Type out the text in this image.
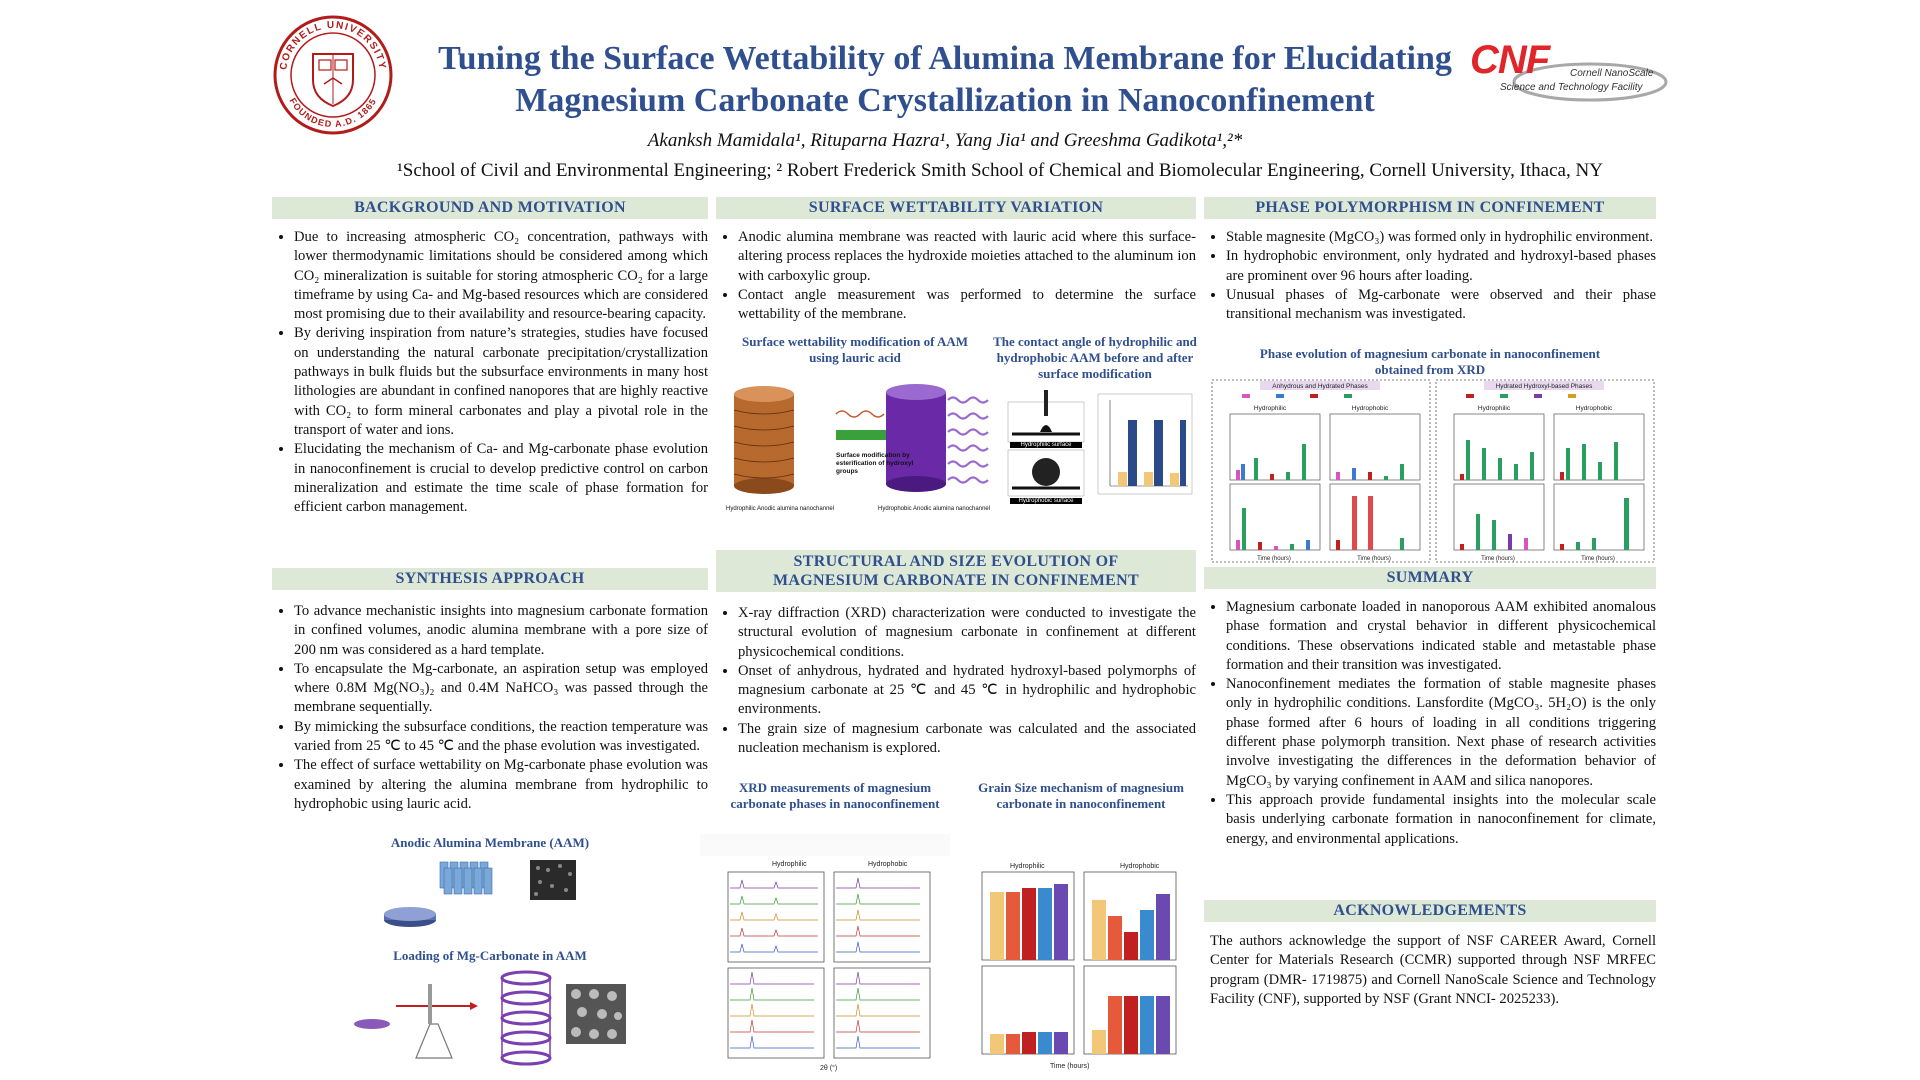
CORNELL UNIVERSITY
FOUNDED A.D. 1865
Tuning the Surface Wettability of Alumina Membrane for Elucidating
Magnesium Carbonate Crystallization in Nanoconfinement
CNF Cornell NanoScale
Science and Technology Facility
Akanksh Mamidala¹, Rituparna Hazra¹, Yang Jia¹ and Greeshma Gadikota¹,²*
¹School of Civil and Environmental Engineering; ² Robert Frederick Smith School of Chemical and Biomolecular Engineering, Cornell University, Ithaca, NY
BACKGROUND AND MOTIVATION
• Due to increasing atmospheric CO₂ concentration, pathways with lower thermodynamic limitations should be considered among which CO₂ mineralization is suitable for storing atmospheric CO₂ for a large timeframe by using Ca- and Mg-based resources which are considered most promising due to their availability and resource-bearing capacity.
• By deriving inspiration from nature’s strategies, studies have focused on understanding the natural carbonate precipitation/crystallization pathways in bulk fluids but the subsurface environments in many host lithologies are abundant in confined nanopores that are highly reactive with CO₂ to form mineral carbonates and play a pivotal role in the transport of water and ions.
• Elucidating the mechanism of Ca- and Mg-carbonate phase evolution in nanoconfinement is crucial to develop predictive control on carbon mineralization and estimate the time scale of phase formation for efficient carbon management.
SYNTHESIS APPROACH
• To advance mechanistic insights into magnesium carbonate formation in confined volumes, anodic alumina membrane with a pore size of 200 nm was considered as a hard template.
• To encapsulate the Mg-carbonate, an aspiration setup was employed where 0.8M Mg(NO₃)₂ and 0.4M NaHCO₃ was passed through the membrane sequentially.
• By mimicking the subsurface conditions, the reaction temperature was varied from 25 ℃ to 45 ℃ and the phase evolution was investigated.
• The effect of surface wettability on Mg-carbonate phase evolution was examined by altering the alumina membrane from hydrophilic to hydrophobic using lauric acid.
Anodic Alumina Membrane (AAM)
Loading of Mg-Carbonate in AAM
SURFACE WETTABILITY VARIATION
• Anodic alumina membrane was reacted with lauric acid where this surface-altering process replaces the hydroxide moieties attached to the aluminum ion with carboxylic group.
• Contact angle measurement was performed to determine the surface wettability of the membrane.
Surface wettability modification of AAM using lauric acid
The contact angle of hydrophilic and hydrophobic AAM before and after surface modification
Surface modification by esterification of hydroxyl groups
Hydrophilic Anodic alumina nanochannel	Hydrophobic Anodic alumina nanochannel
Hydrophilic surface
Hydrophobic surface
STRUCTURAL AND SIZE EVOLUTION OF
MAGNESIUM CARBONATE IN CONFINEMENT
• X-ray diffraction (XRD) characterization were conducted to investigate the structural evolution of magnesium carbonate in confinement at different physicochemical conditions.
• Onset of anhydrous, hydrated and hydrated hydroxyl-based polymorphs of magnesium carbonate at 25 ℃ and 45 ℃ in hydrophilic and hydrophobic environments.
• The grain size of magnesium carbonate was calculated and the associated nucleation mechanism is explored.
XRD measurements of magnesium carbonate phases in nanoconfinement
Grain Size mechanism of magnesium carbonate in nanoconfinement
Hydrophilic	Hydrophobic
2θ (°)
Hydrophilic	Hydrophobic
Time (hours)
PHASE POLYMORPHISM IN CONFINEMENT
• Stable magnesite (MgCO₃) was formed only in hydrophilic environment.
• In hydrophobic environment, only hydrated and hydroxyl-based phases are prominent over 96 hours after loading.
• Unusual phases of Mg-carbonate were observed and their phase transitional mechanism was investigated.
Phase evolution of magnesium carbonate in nanoconfinement obtained from XRD
Anhydrous and Hydrated Phases	Hydrated Hydroxyl-based Phases
Hydrophilic	Hydrophobic	Hydrophilic	Hydrophobic
Time (hours)	Time (hours)	Time (hours)	Time (hours)
SUMMARY
• Magnesium carbonate loaded in nanoporous AAM exhibited anomalous phase formation and crystal behavior in different physicochemical conditions. These observations indicated stable and metastable phase formation and their transition was investigated.
• Nanoconfinement mediates the formation of stable magnesite phases only in hydrophilic conditions. Lansfordite (MgCO₃. 5H₂O) is the only phase formed after 6 hours of loading in all conditions triggering different phase polymorph transition. Next phase of research activities involve investigating the differences in the deformation behavior of MgCO₃ by varying confinement in AAM and silica nanopores.
• This approach provide fundamental insights into the molecular scale basis underlying carbonate formation in nanoconfinement for climate, energy, and environmental applications.
ACKNOWLEDGEMENTS
The authors acknowledge the support of NSF CAREER Award, Cornell Center for Materials Research (CCMR) supported through NSF MRFEC program (DMR- 1719875) and Cornell NanoScale Science and Technology Facility (CNF), supported by NSF (Grant NNCI- 2025233).
